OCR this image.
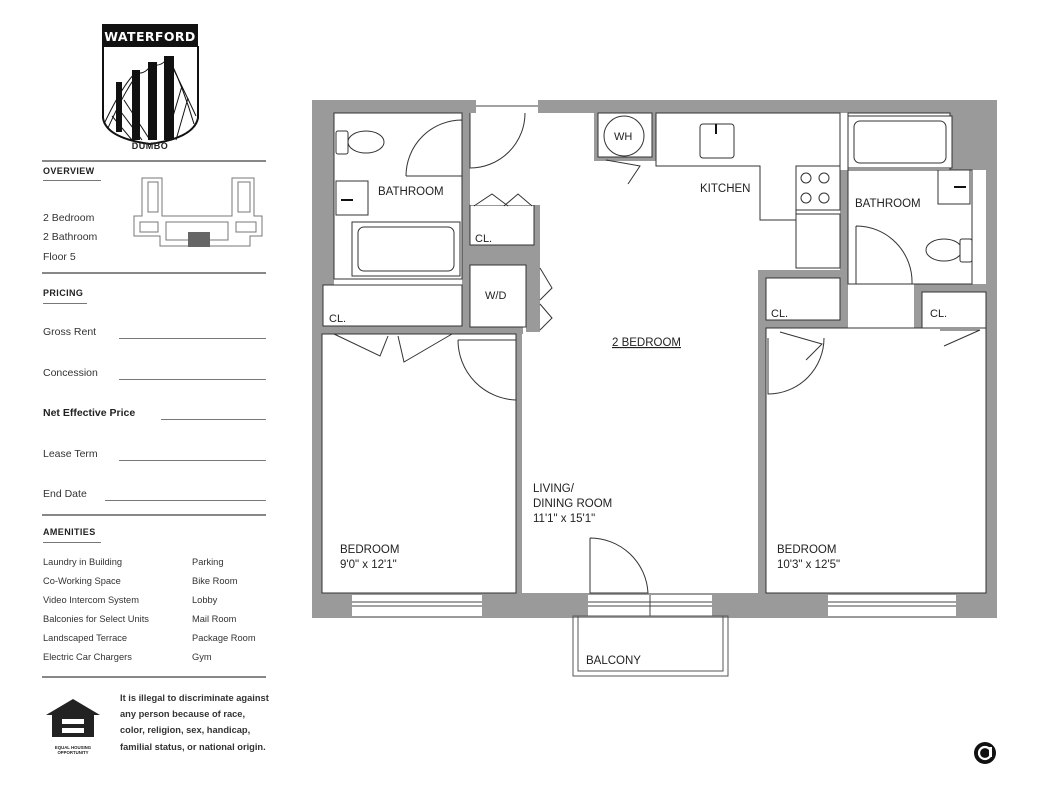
WATERFORD
DUMBO
OVERVIEW
2 Bedroom
2 Bathroom
Floor 5
PRICING
Gross Rent
Concession
Net Effective Price
Lease Term
End Date
AMENITIES
Laundry in Building
Co-Working Space
Video Intercom System
Balconies for Select Units
Landscaped Terrace
Electric Car Chargers
Parking
Bike Room
Lobby
Mail Room
Package Room
Gym
EQUAL HOUSING OPPORTUNITY
It is illegal to discriminate against any person because of race, color, religion, sex, handicap, familial status, or national origin.
BATHROOM
BATHROOM
KITCHEN
WH
W/D
CL.
CL.	CL.	CL.
2 BEDROOM
LIVING/
DINING ROOM
11'1" x 15'1"
BEDROOM
9'0" x 12'1"
BEDROOM
10'3" x 12'5"
BALCONY
